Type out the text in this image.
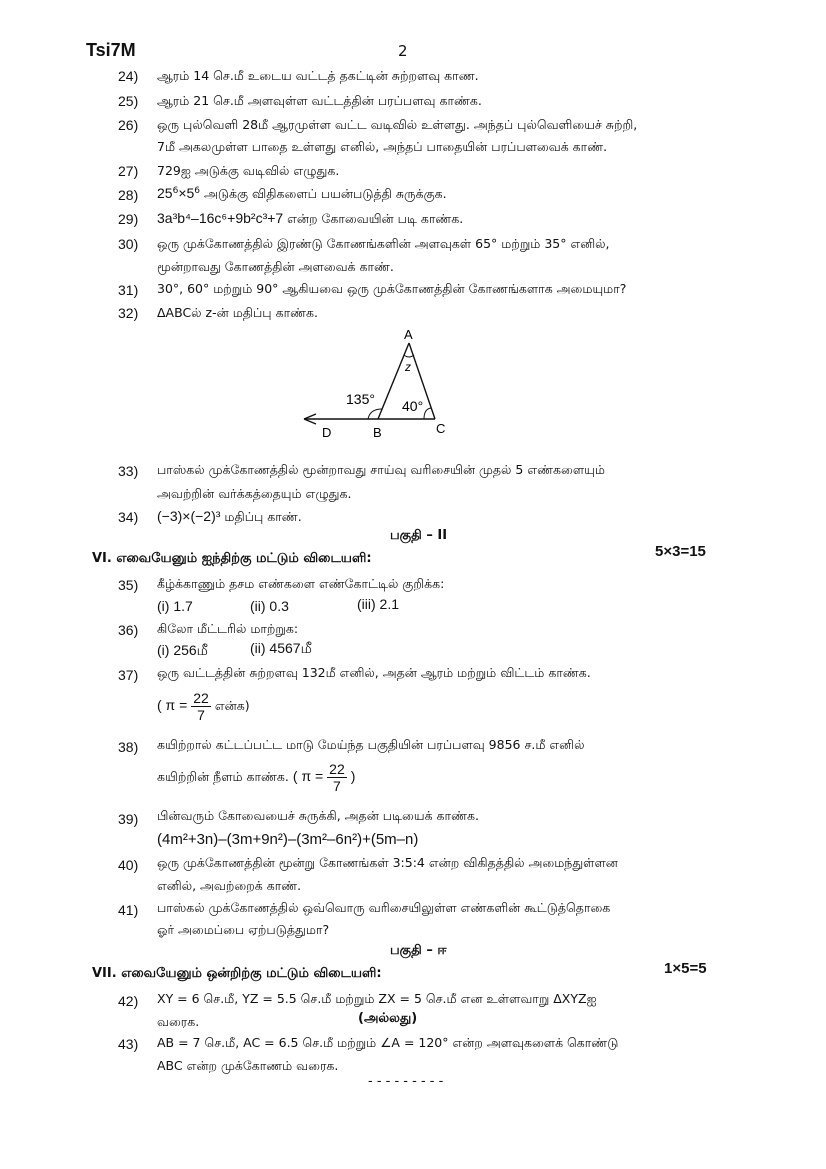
Tsi7M	2
24) ஆரம் 14 செ.மீ உடைய வட்டத் தகட்டின் சுற்றளவு காண.
25) ஆரம் 21 செ.மீ அளவுள்ள வட்டத்தின் பரப்பளவு காண்க.
26) ஒரு புல்வெளி 28மீ ஆரமுள்ள வட்ட வடிவில் உள்ளது. அந்தப் புல்வெளியைச் சுற்றி,
7மீ அகலமுள்ள பாதை உள்ளது எனில், அந்தப் பாதையின் பரப்பளவைக் காண்.
27) 729ஐ அடுக்கு வடிவில் எழுதுக.
28) $25^6\times 5^6$ அடுக்கு விதிகளைப் பயன்படுத்தி சுருக்குக.
29) 3a³b⁴–16c⁶+9b²c³+7 என்ற கோவையின் படி காண்க.
30) ஒரு முக்கோணத்தில் இரண்டு கோணங்களின் அளவுகள் 65° மற்றும் 35° எனில்,
மூன்றாவது கோணத்தின் அளவைக் காண்.
31) 30°, 60° மற்றும் 90° ஆகியவை ஒரு முக்கோணத்தின் கோணங்களாக அமையுமா?
32) ΔABCல் z-ன் மதிப்பு காண்க.
A
z
135° 40°
D	B	C
33) பாஸ்கல் முக்கோணத்தில் மூன்றாவது சாய்வு வரிசையின் முதல் 5 எண்களையும்
அவற்றின் வர்க்கத்தையும் எழுதுக.
34) (−3)×(−2)³ மதிப்பு காண்.
பகுதி – II
VI. எவையேனும் ஐந்திற்கு மட்டும் விடையளி:	5×3=15
35) கீழ்க்காணும் தசம எண்களை எண்கோட்டில் குறிக்க:
(i) 1.7	(ii) 0.3	(iii) 2.1
36) கிலோ மீட்டரில் மாற்றுக:
(i) 256மீ	(ii) 4567மீ
37) ஒரு வட்டத்தின் சுற்றளவு 132மீ எனில், அதன் ஆரம் மற்றும் விட்டம் காண்க.
( $\pi = \frac{22}{7}$ என்க)
38) கயிற்றால் கட்டப்பட்ட மாடு மேய்ந்த பகுதியின் பரப்பளவு 9856 ச.மீ எனில்
கயிற்றின் நீளம் காண்க. ( $\pi = \frac{22}{7}$ )
39) பின்வரும் கோவையைச் சுருக்கி, அதன் படியைக் காண்க.
(4m²+3n)–(3m+9n²)–(3m²–6n²)+(5m–n)
40) ஒரு முக்கோணத்தின் மூன்று கோணங்கள் 3:5:4 என்ற விகிதத்தில் அமைந்துள்ளன
எனில், அவற்றைக் காண்.
41) பாஸ்கல் முக்கோணத்தில் ஒவ்வொரு வரிசையிலுள்ள எண்களின் கூட்டுத்தொகை
ஓர் அமைப்பை ஏற்படுத்துமா?
பகுதி – ஈ
VII. எவையேனும் ஒன்றிற்கு மட்டும் விடையளி:	1×5=5
42) XY = 6 செ.மீ, YZ = 5.5 செ.மீ மற்றும் ZX = 5 செ.மீ என உள்ளவாறு ΔXYZஐ
வரைக.	(அல்லது)
43) AB = 7 செ.மீ, AC = 6.5 செ.மீ மற்றும் ∠A = 120° என்ற அளவுகளைக் கொண்டு
ABC என்ற முக்கோணம் வரைக.
- - - - - - - - -
